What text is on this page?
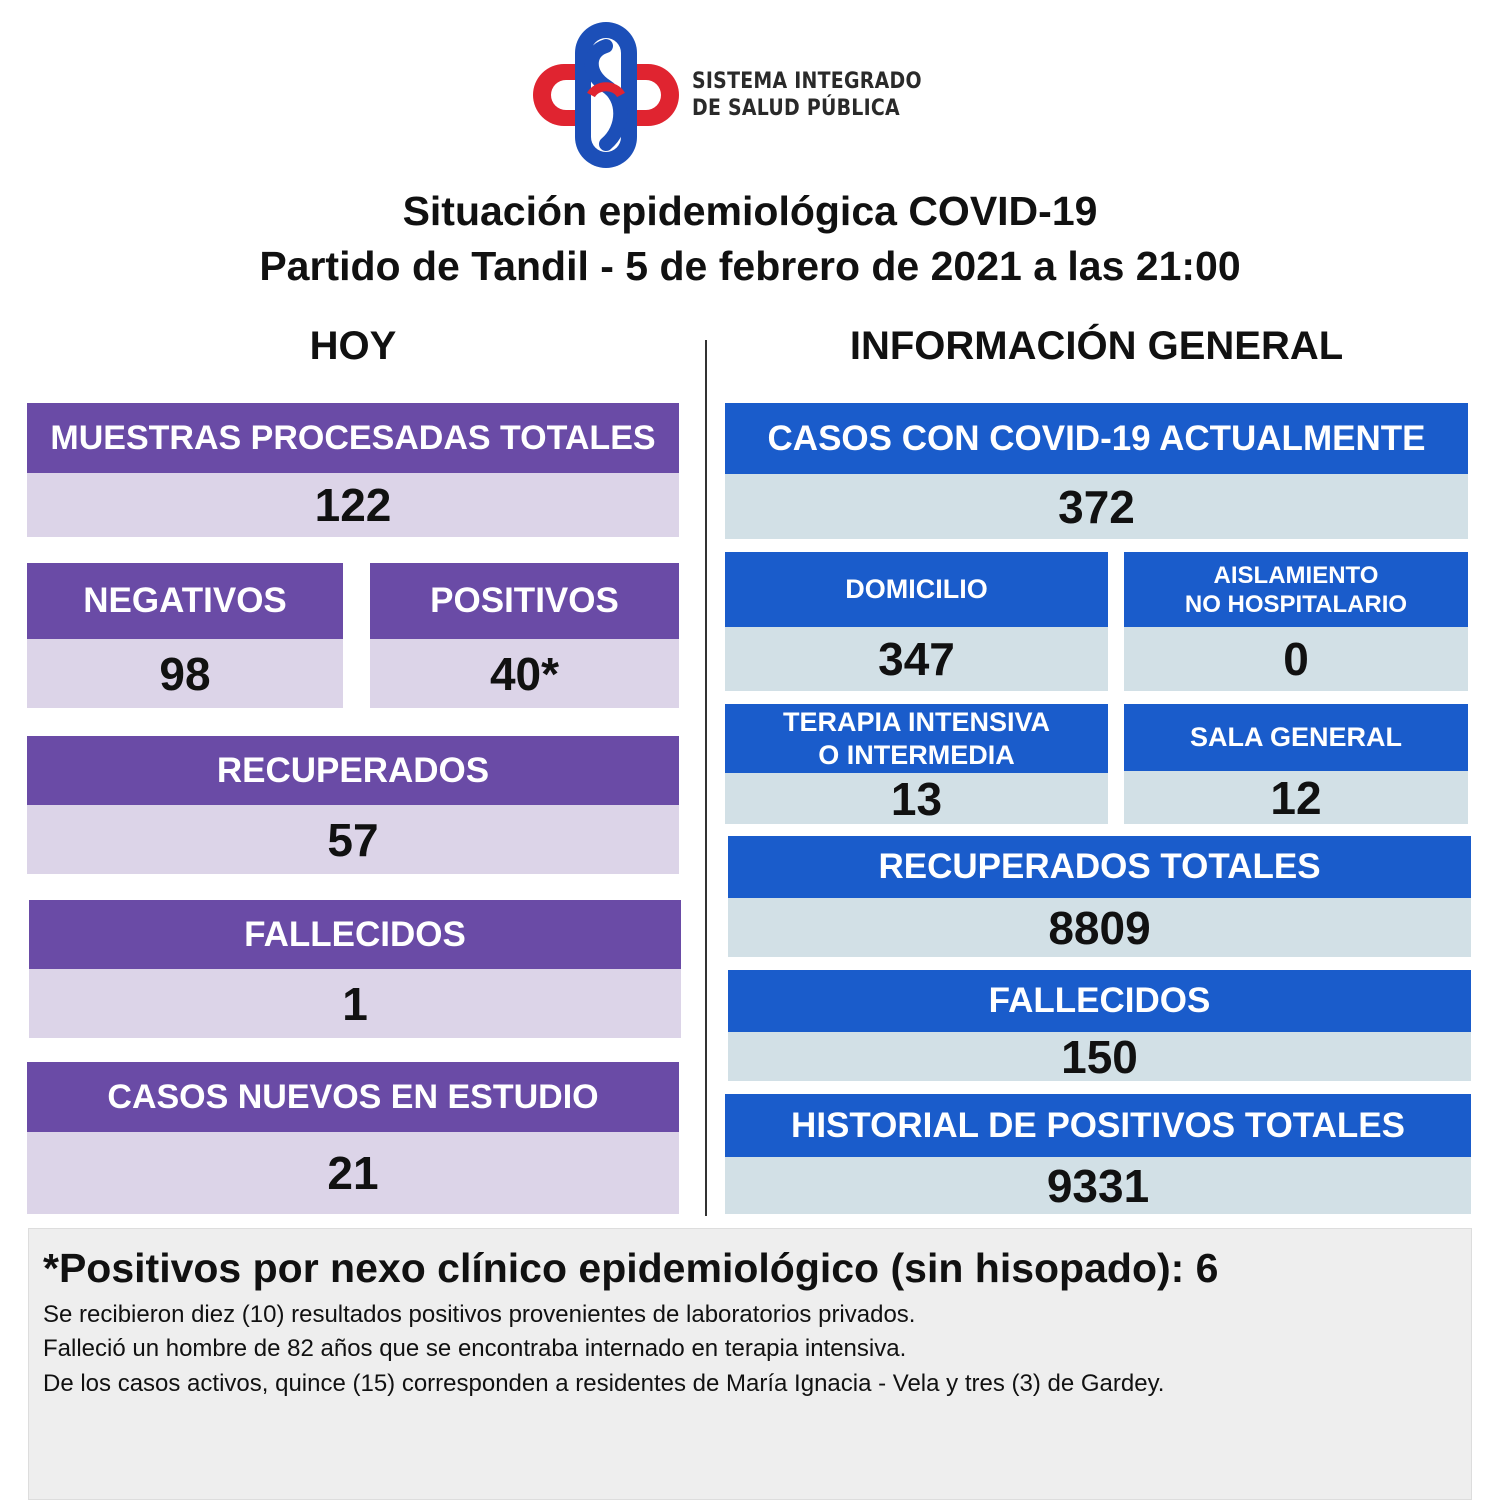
SISTEMA INTEGRADO
DE SALUD PÚBLICA
Situación epidemiológica COVID-19
Partido de Tandil - 5 de febrero de 2021 a las 21:00
HOY	INFORMACIÓN GENERAL
MUESTRAS PROCESADAS TOTALES
122
NEGATIVOS
98
POSITIVOS
40*
RECUPERADOS
57
FALLECIDOS
1
CASOS NUEVOS EN ESTUDIO
21
CASOS CON COVID-19 ACTUALMENTE
372
DOMICILIO
347
AISLAMIENTO
NO HOSPITALARIO
0
TERAPIA INTENSIVA
O INTERMEDIA
13
SALA GENERAL
12
RECUPERADOS TOTALES
8809
FALLECIDOS
150
HISTORIAL DE POSITIVOS TOTALES
9331
*Positivos por nexo clínico epidemiológico (sin hisopado): 6
Se recibieron diez (10) resultados positivos provenientes de laboratorios privados.
Falleció un hombre de 82 años que se encontraba internado en terapia intensiva.
De los casos activos, quince (15) corresponden a residentes de María Ignacia - Vela y tres (3) de Gardey.
